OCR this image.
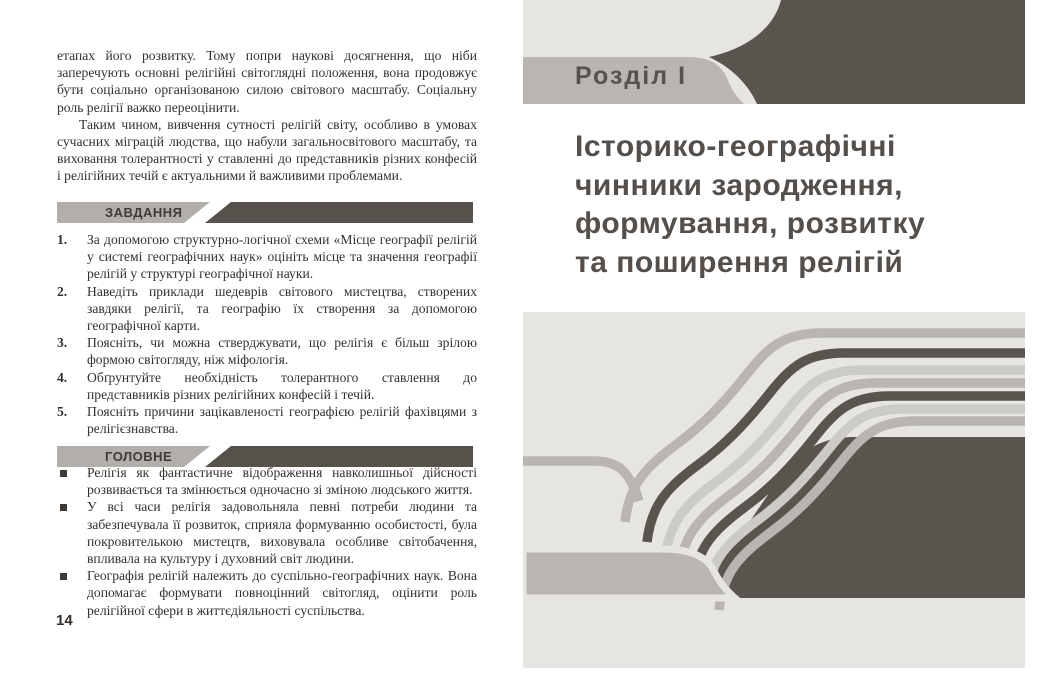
етапах його розвитку. Тому попри наукові досягнення, що ніби заперечують основні релігійні світоглядні положення, вона продовжує бути соціально організованою силою світового масштабу. Соціальну роль релігії важко переоцінити.

Таким чином, вивчення сутності релігій світу, особливо в умовах сучасних міграцій людства, що набули загальносвітового масштабу, та виховання толерантності у ставленні до представників різних конфесій і релігійних течій є актуальними й важливими проблемами.

ЗАВДАННЯ
1. За допомогою структурно-логічної схеми «Місце географії релігій у системі географічних наук» оцініть місце та значення географії релігій у структурі географічної науки.
2. Наведіть приклади шедеврів світового мистецтва, створених завдяки релігії, та географію їх створення за допомогою географічної карти.
3. Поясніть, чи можна стверджувати, що релігія є більш зрілою формою світогляду, ніж міфологія.
4. Обґрунтуйте необхідність толерантного ставлення до представників різних релігійних конфесій і течій.
5. Поясніть причини зацікавленості географією релігій фахівцями з релігієзнавства.
ГОЛОВНЕ
Релігія як фантастичне відображення навколишньої дійсності розвивається та змінюється одночасно зі зміною людського життя.
У всі часи релігія задовольняла певні потреби людини та забезпечувала її розвиток, сприяла формуванню особистості, була покровителькою мистецтв, виховувала особливе світобачення, впливала на культуру і духовний світ людини.
Географія релігій належить до суспільно-географічних наук. Вона допомагає формувати повноцінний світогляд, оцінити роль релігійної сфери в життєдіяльності суспільства.
14
Розділ I
Історико-географічні
чинники зародження,
формування, розвитку
та поширення релігій
